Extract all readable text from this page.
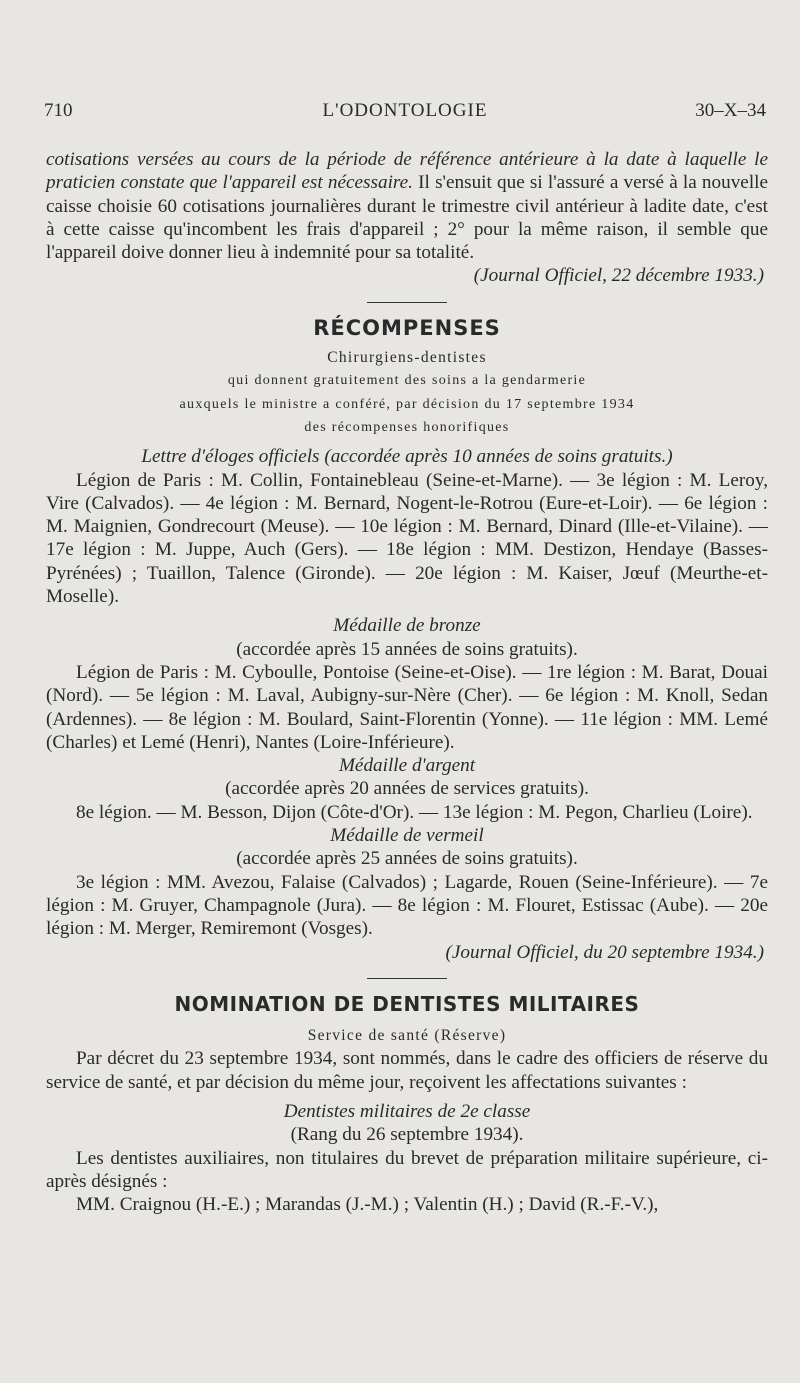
710	L'ODONTOLOGIE	30–X–34

cotisations versées au cours de la période de référence antérieure à la date à laquelle le praticien constate que l'appareil est nécessaire. Il s'ensuit que si l'assuré a versé à la nouvelle caisse choisie 60 cotisations journalières durant le trimestre civil antérieur à ladite date, c'est à cette caisse qu'incombent les frais d'appareil ; 2° pour la même raison, il semble que l'appareil doive donner lieu à indemnité pour sa totalité.

(Journal Officiel, 22 décembre 1933.)

RÉCOMPENSES
Chirurgiens-dentistes
qui donnent gratuitement des soins a la gendarmerie
auxquels le ministre a conféré, par décision du 17 septembre 1934
des récompenses honorifiques

Lettre d'éloges officiels (accordée après 10 années de soins gratuits.)

Légion de Paris : M. Collin, Fontainebleau (Seine-et-Marne). — 3e légion : M. Leroy, Vire (Calvados). — 4e légion : M. Bernard, Nogent-le-Rotrou (Eure-et-Loir). — 6e légion : M. Maignien, Gondrecourt (Meuse). — 10e légion : M. Bernard, Dinard (Ille-et-Vilaine). — 17e légion : M. Juppe, Auch (Gers). — 18e légion : MM. Destizon, Hendaye (Basses-Pyrénées) ; Tuaillon, Talence (Gironde). — 20e légion : M. Kaiser, Jœuf (Meurthe-et-Moselle).

Médaille de bronze

(accordée après 15 années de soins gratuits).

Légion de Paris : M. Cyboulle, Pontoise (Seine-et-Oise). — 1re légion : M. Barat, Douai (Nord). — 5e légion : M. Laval, Aubigny-sur-Nère (Cher). — 6e légion : M. Knoll, Sedan (Ardennes). — 8e légion : M. Boulard, Saint-Florentin (Yonne). — 11e légion : MM. Lemé (Charles) et Lemé (Henri), Nantes (Loire-Inférieure).

Médaille d'argent

(accordée après 20 années de services gratuits).

8e légion. — M. Besson, Dijon (Côte-d'Or). — 13e légion : M. Pegon, Charlieu (Loire).

Médaille de vermeil

(accordée après 25 années de soins gratuits).

3e légion : MM. Avezou, Falaise (Calvados) ; Lagarde, Rouen (Seine-Inférieure). — 7e légion : M. Gruyer, Champagnole (Jura). — 8e légion : M. Flouret, Estissac (Aube). — 20e légion : M. Merger, Remiremont (Vosges).

(Journal Officiel, du 20 septembre 1934.)

NOMINATION DE DENTISTES MILITAIRES
Service de santé (Réserve)

Par décret du 23 septembre 1934, sont nommés, dans le cadre des officiers de réserve du service de santé, et par décision du même jour, reçoivent les affectations suivantes :

Dentistes militaires de 2e classe

(Rang du 26 septembre 1934).

Les dentistes auxiliaires, non titulaires du brevet de préparation militaire supérieure, ci-après désignés :

MM. Craignou (H.-E.) ; Marandas (J.-M.) ; Valentin (H.) ; David (R.-F.-V.),
